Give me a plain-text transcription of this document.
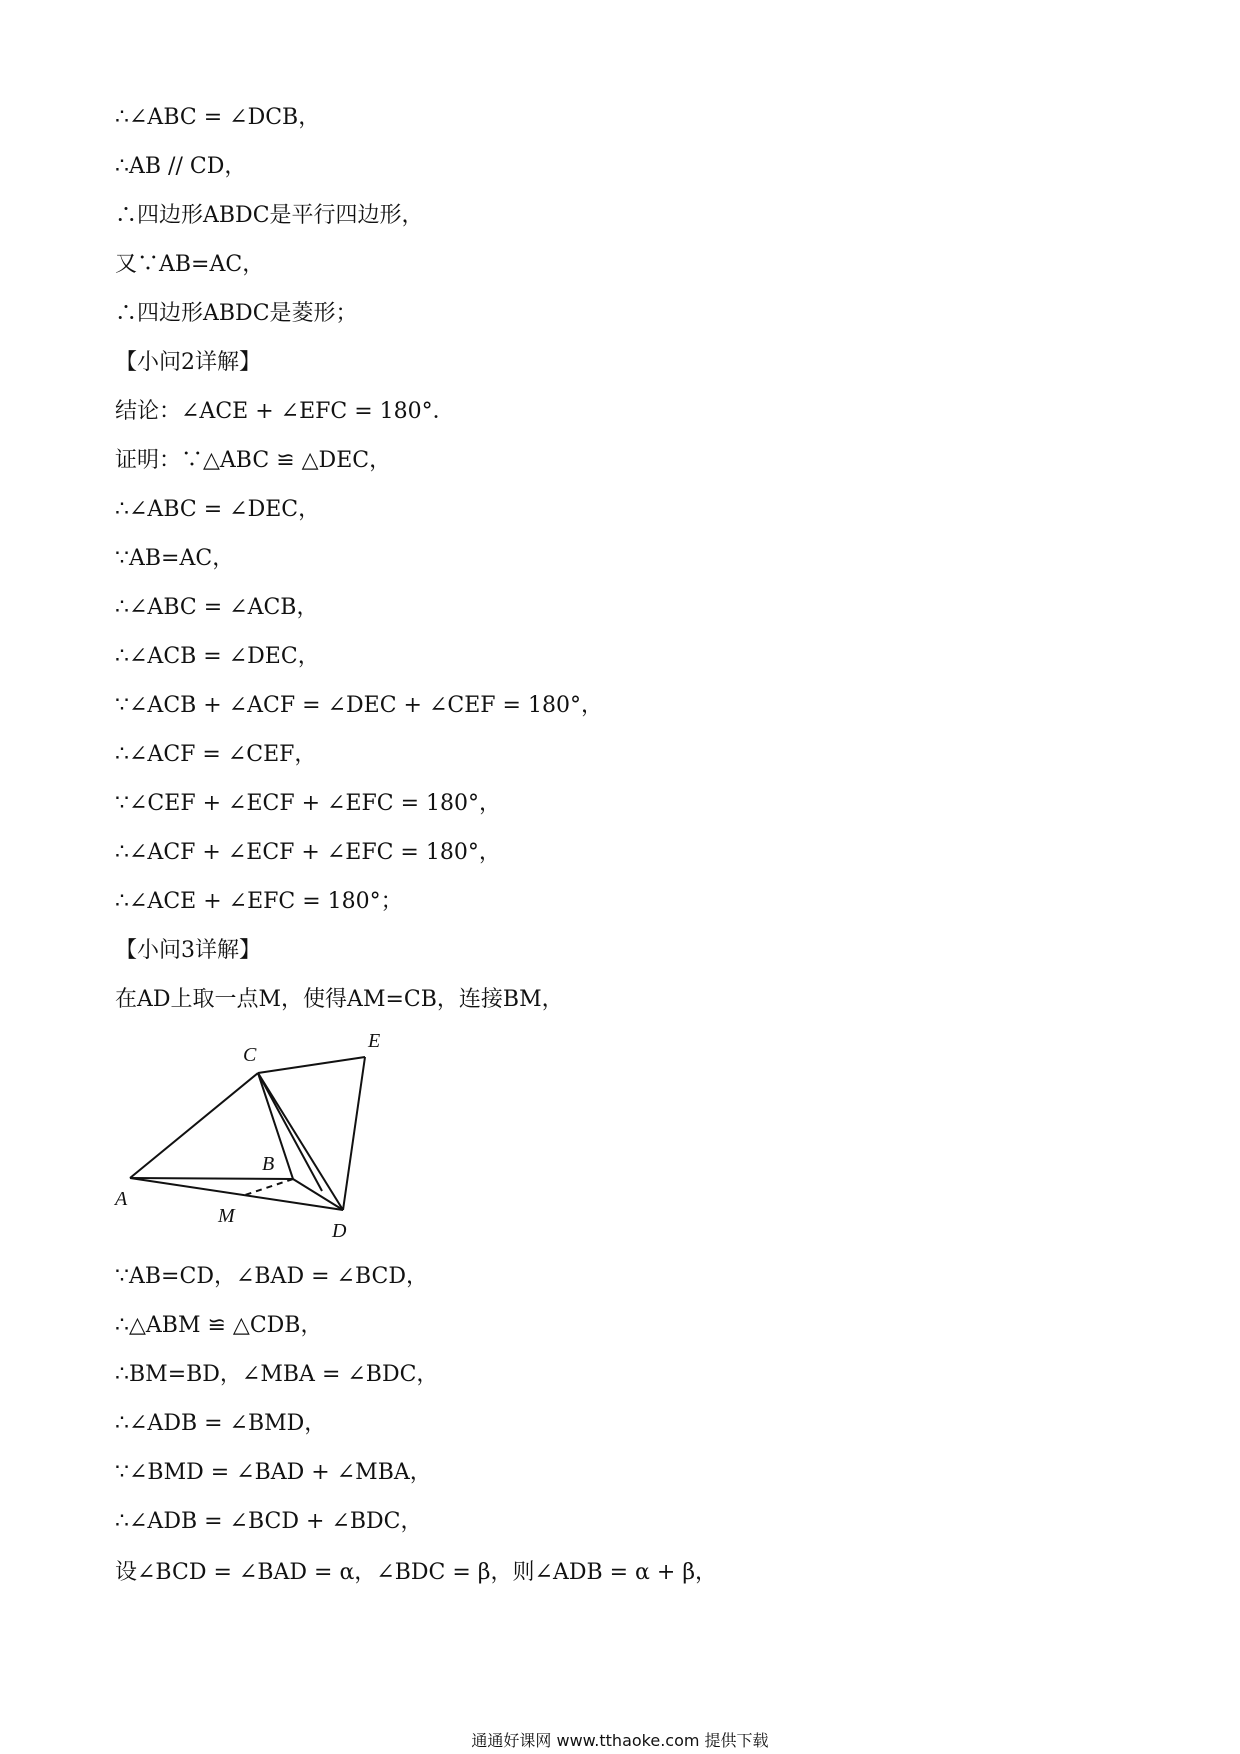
∴∠ABC = ∠DCB，
∴AB // CD，
∴四边形ABDC是平行四边形，
又∵AB=AC，
∴四边形ABDC是菱形；
【小问2详解】
结论：∠ACE + ∠EFC = 180°．
证明：∵△ABC ≌ △DEC，
∴∠ABC = ∠DEC，
∵AB=AC，
∴∠ABC = ∠ACB，
∴∠ACB = ∠DEC，
∵∠ACB + ∠ACF = ∠DEC + ∠CEF = 180°，
∴∠ACF = ∠CEF，
∵∠CEF + ∠ECF + ∠EFC = 180°，
∴∠ACF + ∠ECF + ∠EFC = 180°，
∴∠ACE + ∠EFC = 180°；
【小问3详解】
在AD上取一点M，使得AM=CB，连接BM，
C
E
B
A
M
D
∵AB=CD，∠BAD = ∠BCD，
∴△ABM ≌ △CDB，
∴BM=BD，∠MBA = ∠BDC，
∴∠ADB = ∠BMD，
∵∠BMD = ∠BAD + ∠MBA，
∴∠ADB = ∠BCD + ∠BDC，
设∠BCD = ∠BAD = α，∠BDC = β，则∠ADB = α + β，
通通好课网 www.tthaoke.com 提供下载
